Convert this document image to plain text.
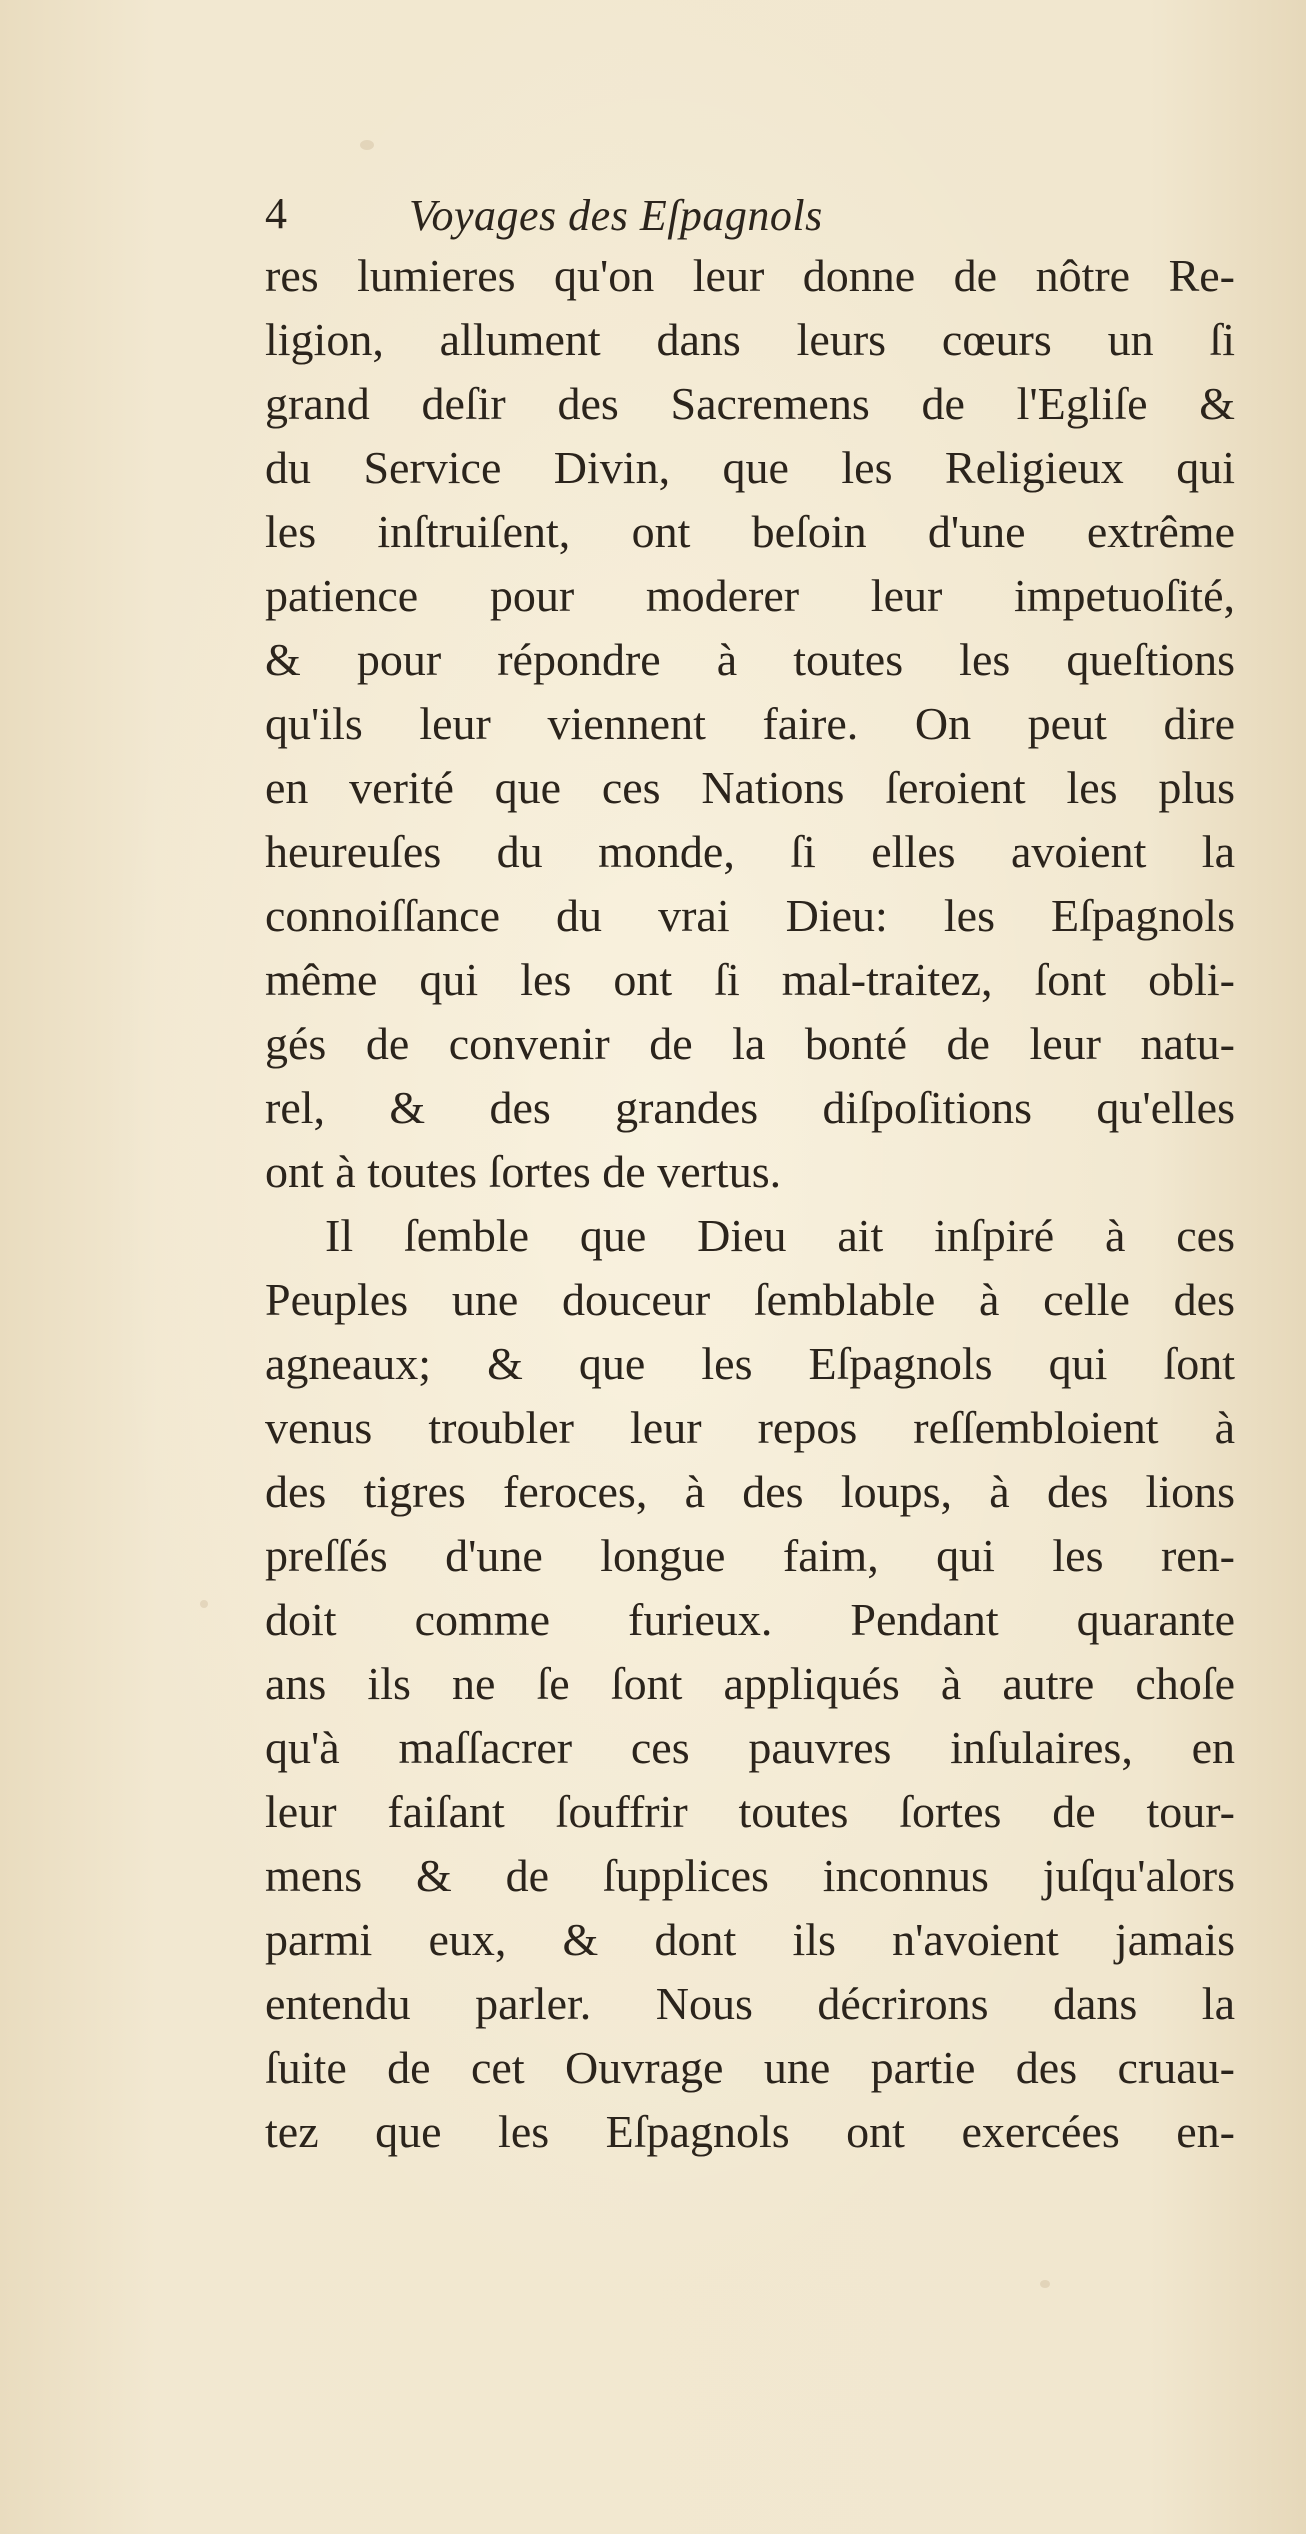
4	Voyages des Eſpagnols
res lumieres qu'on leur donne de nôtre Re-
ligion, allument dans leurs cœurs un ſi
grand deſir des Sacremens de l'Egliſe &
du Service Divin, que les Religieux qui
les inſtruiſent, ont beſoin d'une extrême
patience pour moderer leur impetuoſité,
& pour répondre à toutes les queſtions
qu'ils leur viennent faire. On peut dire
en verité que ces Nations ſeroient les plus
heureuſes du monde, ſi elles avoient la
connoiſſance du vrai Dieu: les Eſpagnols
même qui les ont ſi mal-traitez, ſont obli-
gés de convenir de la bonté de leur natu-
rel, & des grandes diſpoſitions qu'elles
ont à toutes ſortes de vertus.
Il ſemble que Dieu ait inſpiré à ces
Peuples une douceur ſemblable à celle des
agneaux; & que les Eſpagnols qui ſont
venus troubler leur repos reſſembloient à
des tigres feroces, à des loups, à des lions
preſſés d'une longue faim, qui les ren-
doit comme furieux. Pendant quarante
ans ils ne ſe ſont appliqués à autre choſe
qu'à maſſacrer ces pauvres inſulaires, en
leur faiſant ſouffrir toutes ſortes de tour-
mens & de ſupplices inconnus juſqu'alors
parmi eux, & dont ils n'avoient jamais
entendu parler. Nous décrirons dans la
ſuite de cet Ouvrage une partie des cruau-
tez que les Eſpagnols ont exercées en-
